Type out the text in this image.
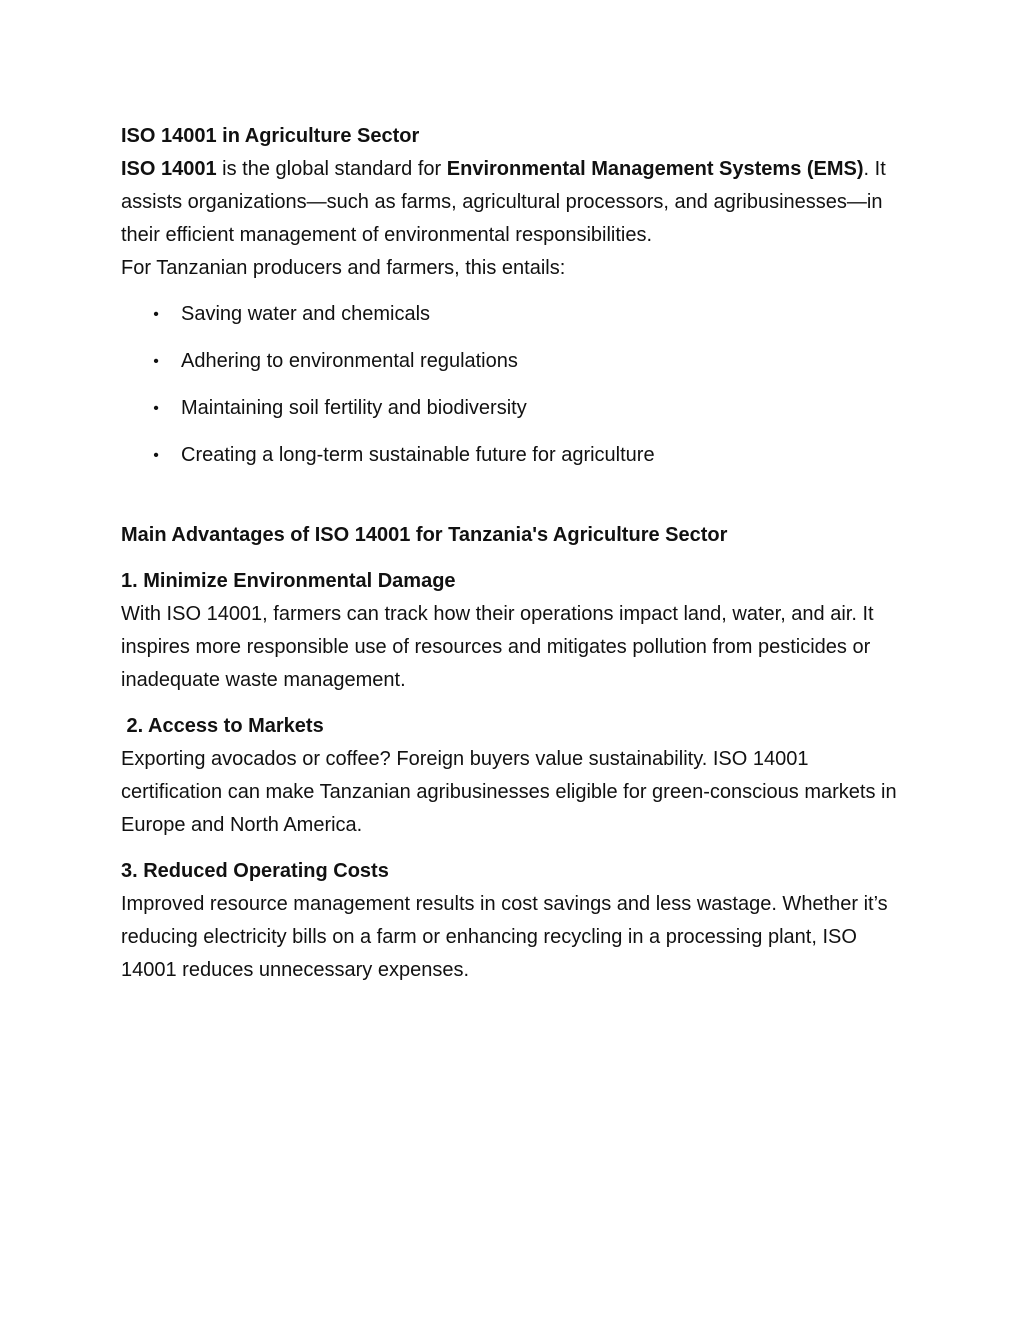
ISO 14001 in Agriculture Sector

ISO 14001 is the global standard for Environmental Management Systems (EMS). It assists organizations—such as farms, agricultural processors, and agribusinesses—in their efficient management of environmental responsibilities.

For Tanzanian producers and farmers, this entails:

• Saving water and chemicals
• Adhering to environmental regulations
• Maintaining soil fertility and biodiversity
• Creating a long-term sustainable future for agriculture

Main Advantages of ISO 14001 for Tanzania's Agriculture Sector

1. Minimize Environmental Damage

With ISO 14001, farmers can track how their operations impact land, water, and air. It inspires more responsible use of resources and mitigates pollution from pesticides or inadequate waste management.

2. Access to Markets

Exporting avocados or coffee? Foreign buyers value sustainability. ISO 14001 certification can make Tanzanian agribusinesses eligible for green-conscious markets in Europe and North America.

3. Reduced Operating Costs

Improved resource management results in cost savings and less wastage. Whether it’s reducing electricity bills on a farm or enhancing recycling in a processing plant, ISO 14001 reduces unnecessary expenses.
